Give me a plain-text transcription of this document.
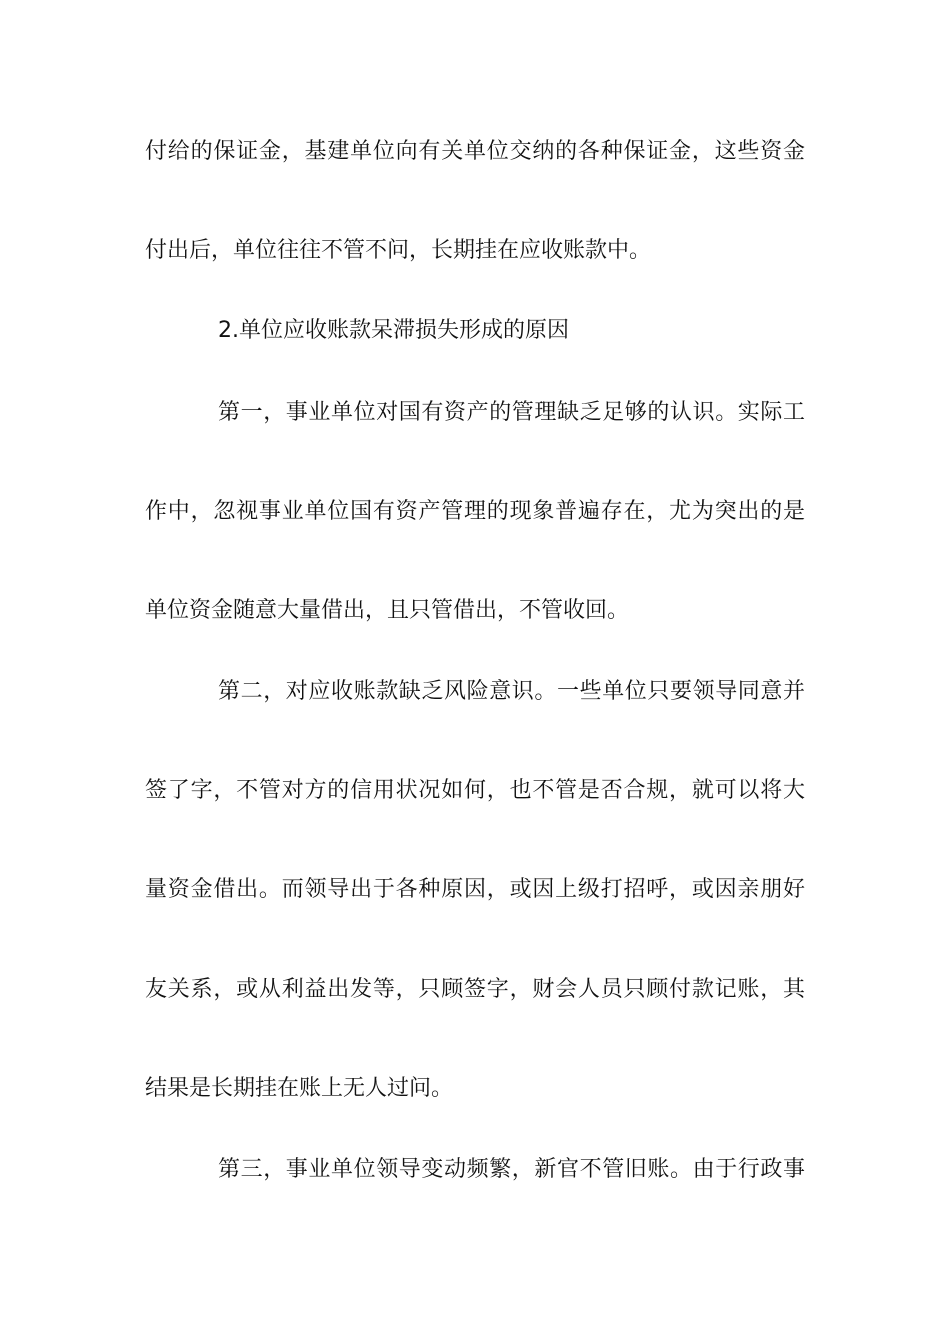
付给的保证金，基建单位向有关单位交纳的各种保证金，这些资金
付出后，单位往往不管不问，长期挂在应收账款中。
2.单位应收账款呆滞损失形成的原因
第一，事业单位对国有资产的管理缺乏足够的认识。实际工
作中，忽视事业单位国有资产管理的现象普遍存在，尤为突出的是
单位资金随意大量借出，且只管借出，不管收回。
第二，对应收账款缺乏风险意识。一些单位只要领导同意并
签了字，不管对方的信用状况如何，也不管是否合规，就可以将大
量资金借出。而领导出于各种原因，或因上级打招呼，或因亲朋好
友关系，或从利益出发等，只顾签字，财会人员只顾付款记账，其
结果是长期挂在账上无人过问。
第三，事业单位领导变动频繁，新官不管旧账。由于行政事
